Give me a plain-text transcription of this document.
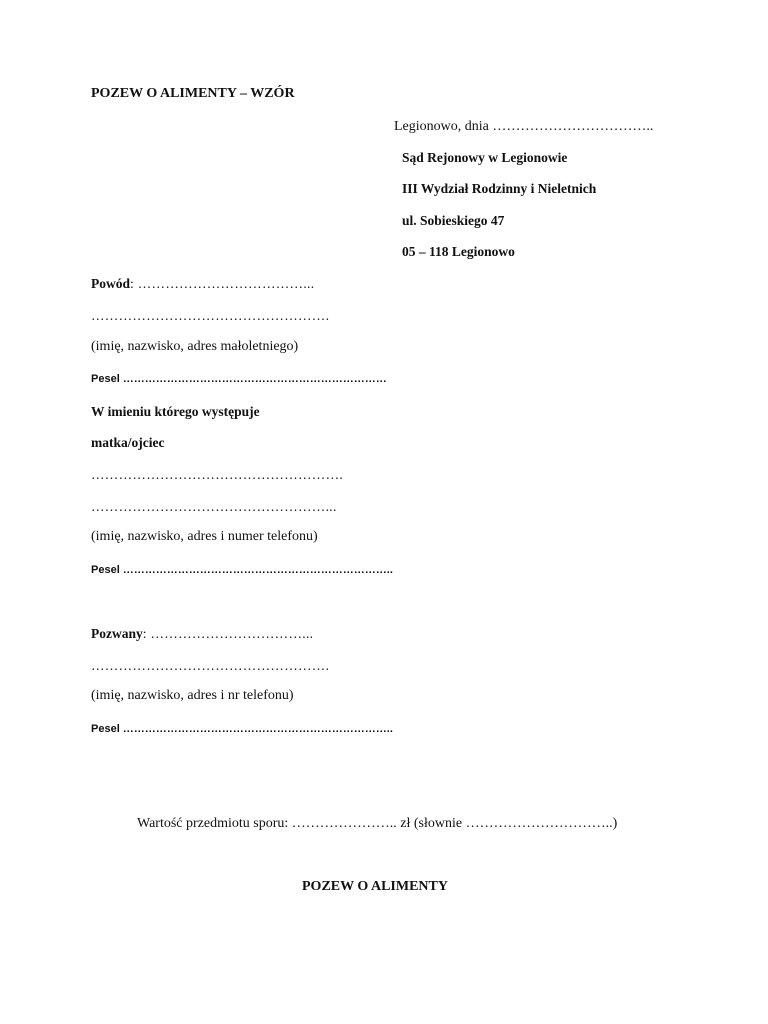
POZEW O ALIMENTY – WZÓR
Legionowo, dnia ……………………………..
Sąd Rejonowy w Legionowie
III Wydział Rodzinny i Nieletnich
ul. Sobieskiego 47
05 – 118 Legionowo
Powód: ………………………………...
…………………………………………….
(imię, nazwisko, adres małoletniego)
Pesel ………………………………………………………………
W imieniu którego występuje
matka/ojciec
……………………………………………….
……………………………………………...
(imię, nazwisko, adres i numer telefonu)
Pesel ………………………………………………………………..
Pozwany: ……………………………...
…………………………………………….
(imię, nazwisko, adres i nr telefonu)
Pesel ………………………………………………………………..
Wartość przedmiotu sporu: ………………….. zł (słownie …………………………..)
POZEW O ALIMENTY
